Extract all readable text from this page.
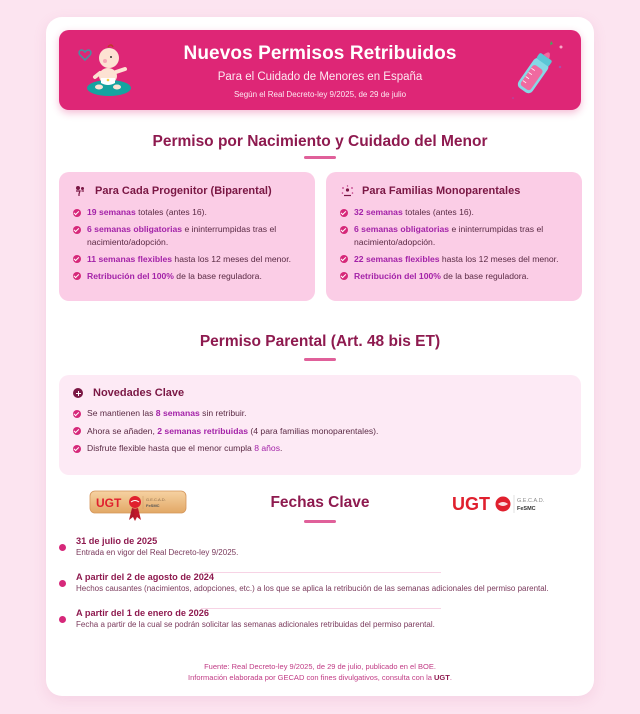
Nuevos Permisos Retribuidos
Para el Cuidado de Menores en España
Según el Real Decreto-ley 9/2025, de 29 de julio
Permiso por Nacimiento y Cuidado del Menor
Para Cada Progenitor (Biparental)
19 semanas totales (antes 16).
6 semanas obligatorias e ininterrumpidas tras el nacimiento/adopción.
11 semanas flexibles hasta los 12 meses del menor.
Retribución del 100% de la base reguladora.
Para Familias Monoparentales
32 semanas totales (antes 16).
6 semanas obligatorias e ininterrumpidas tras el nacimiento/adopción.
22 semanas flexibles hasta los 12 meses del menor.
Retribución del 100% de la base reguladora.
Permiso Parental (Art. 48 bis ET)
Novedades Clave
Se mantienen las 8 semanas sin retribuir.
Ahora se añaden, 2 semanas retribuidas (4 para familias monoparentales).
Disfrute flexible hasta que el menor cumpla 8 años.
UGT	G.E.C.A.D.
FeSMC	Fechas Clave	UGT	G.E.C.A.D.
FeSMC
31 de julio de 2025
Entrada en vigor del Real Decreto-ley 9/2025.
A partir del 2 de agosto de 2024
Hechos causantes (nacimientos, adopciones, etc.) a los que se aplica la retribución de las semanas adicionales del permiso parental.
A partir del 1 de enero de 2026
Fecha a partir de la cual se podrán solicitar las semanas adicionales retribuidas del permiso parental.
Fuente: Real Decreto-ley 9/2025, de 29 de julio, publicado en el BOE.
Información elaborada por GECAD con fines divulgativos, consulta con la UGT.
